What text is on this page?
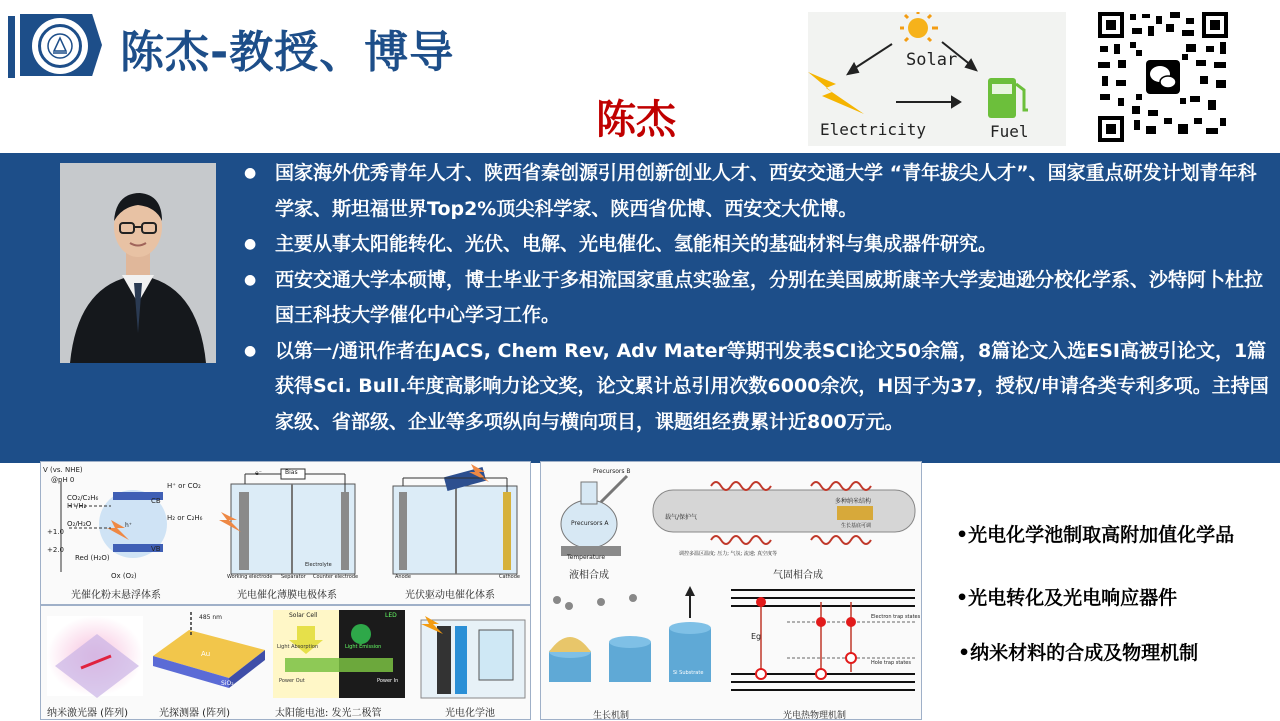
陈杰-教授、博导
陈杰
Solar
Electricity	Fuel
● 国家海外优秀青年人才、陕西省秦创源引用创新创业人才、西安交通大学 “青年拔尖人才”、国家重点研发计划青年科学家、斯坦福世界Top2%顶尖科学家、陕西省优博、西安交大优博。
● 主要从事太阳能转化、光伏、电解、光电催化、氢能相关的基础材料与集成器件研究。
● 西安交通大学本硕博，博士毕业于多相流国家重点实验室，分别在美国威斯康辛大学麦迪逊分校化学系、沙特阿卜杜拉国王科技大学催化中心学习工作。
● 以第一/通讯作者在JACS, Chem Rev, Adv Mater等期刊发表SCI论文50余篇，8篇论文入选ESI高被引论文，1篇获得Sci. Bull.年度高影响力论文奖，论文累计总引用次数6000余次，H因子为37，授权/申请各类专利多项。主持国家级、省部级、企业等多项纵向与横向项目，课题组经费累计近800万元。
V (vs. NHE)
@pH 0
CO₂/C₂H₆
H⁺/H₂
O₂/H₂O
+1.0
+2.0
CB
VB
H⁺ or CO₂
H₂ or C₂H₆
Red (H₂O)
Ox (O₂)
Bias
Working electrode Separator Counter electrode
Electrolyte
Anode	Cathode
e⁻
h⁺
光催化粉末悬浮体系	光电催化薄膜电极体系	光伏驱动电催化体系
Au
SiO₂
485 nm	Solar Cell	LED
Light Absorption	Light Emission
Power Out	Power In
纳米激光器 (阵列)	光探测器 (阵列)	太阳能电池: 发光二极管	光电化学池
Precursors B
Precursors A
Temperature
载气/保护气
多种纳米结构
生长基底可调
调控多温区温度; 压力; 气氛; 流速; 真空度等
Eg
Electron trap states
Hole trap states
Si Substrate
液相合成	气固相合成
生长机制	光电热物理机制
•光电化学池制取高附加值化学品
•光电转化及光电响应器件
•纳米材料的合成及物理机制
